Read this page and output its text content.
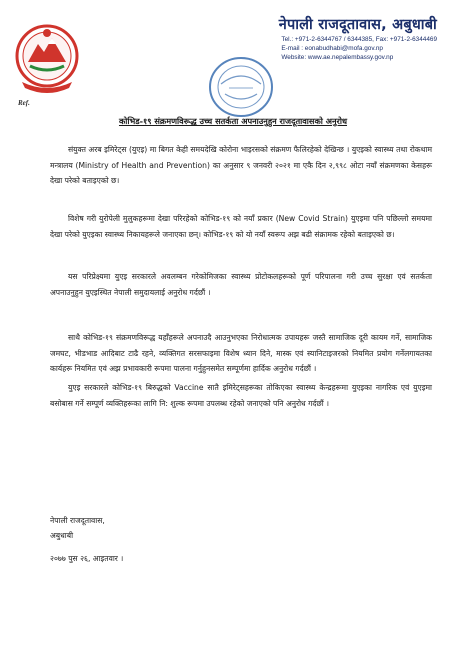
नेपाली राजदूतावास, अबुधाबी
Tel.: +971-2-6344767 / 6344385, Fax: +971-2-6344469
E-mail : eonabudhabi@mofa.gov.np
Website: www.ae.nepalembassy.gov.np
Ref.
कोभिड-१९ संक्रमणविरूद्ध उच्च सतर्कता अपनाउनुहुन राजदूतावासको अनुरोध

संयुक्त अरब इमिरेट्स (युएइ) मा बिगत केही समयदेखि कोरोना भाइरसको संक्रमण फैलिरहेको देखिन्छ । युएइको स्वास्थ्य तथा रोकथाम मन्त्रालय (Ministry of Health and Prevention) का अनुसार ९ जनवरी २०२१ मा एकै दिन २,९९८ ओटा नयाँ संक्रमणका केसहरू देखा परेको बताइएको छ।

विशेष गरी युरोपेली मुलुकहरूमा देखा परिरहेको कोभिड-१९ को नयाँ प्रकार (New Covid Strain) युएइमा पनि पछिल्लो समयमा देखा परेको युएइका स्वास्थ्य निकायहरूले जनाएका छन्। कोभिड-१९ को यो नयाँ स्वरूप अझ बढी संक्रामक रहेको बताइएको छ।

यस परिप्रेक्ष्यमा युएइ सरकारले अवलम्बन गरेकोमिजका स्वास्थ्य प्रोटोकलहरूको पूर्ण परिपालना गरी उच्च सुरक्षा एवं सतर्कता अपनाउनुहुन युएइस्थित नेपाली समुदायलाई अनुरोध गर्दछौं ।

साथै कोभिड-१९ संक्रमणविरूद्ध यहाँहरूले अपनाउदै आउनुभएका निरोधात्मक उपायहरू जस्तै सामाजिक दूरी कायम गर्ने, सामाजिक जमघट, भीडभाड आदिबाट टाढै रहने, व्यक्तिगत सरसफाइमा विशेष ध्यान दिने, मास्क एवं स्यानिटाइजरको नियमित प्रयोग गर्नेलगायतका कार्यहरू नियमित एवं अझ प्रभावकारी रूपमा पालना गर्नुहुनसमेत सम्पूर्णमा हार्दिक अनुरोध गर्दछौं ।

युएइ सरकारले कोभिड-१९ बिरुद्धको Vaccine सातै इमिरेट्सहरूका तोकिएका स्वास्थ्य केन्द्रहरूमा युएइका नागरिक एवं युएइमा बसोबास गर्ने सम्पूर्ण व्यक्तिहरूका लागि नि: शुल्क रूपमा उपलब्ध रहेको जनाएको पनि अनुरोध गर्दछौं ।

नेपाली राजदूतावास,
अबुधाबी
२०७७ पुस २६, आइतवार ।
